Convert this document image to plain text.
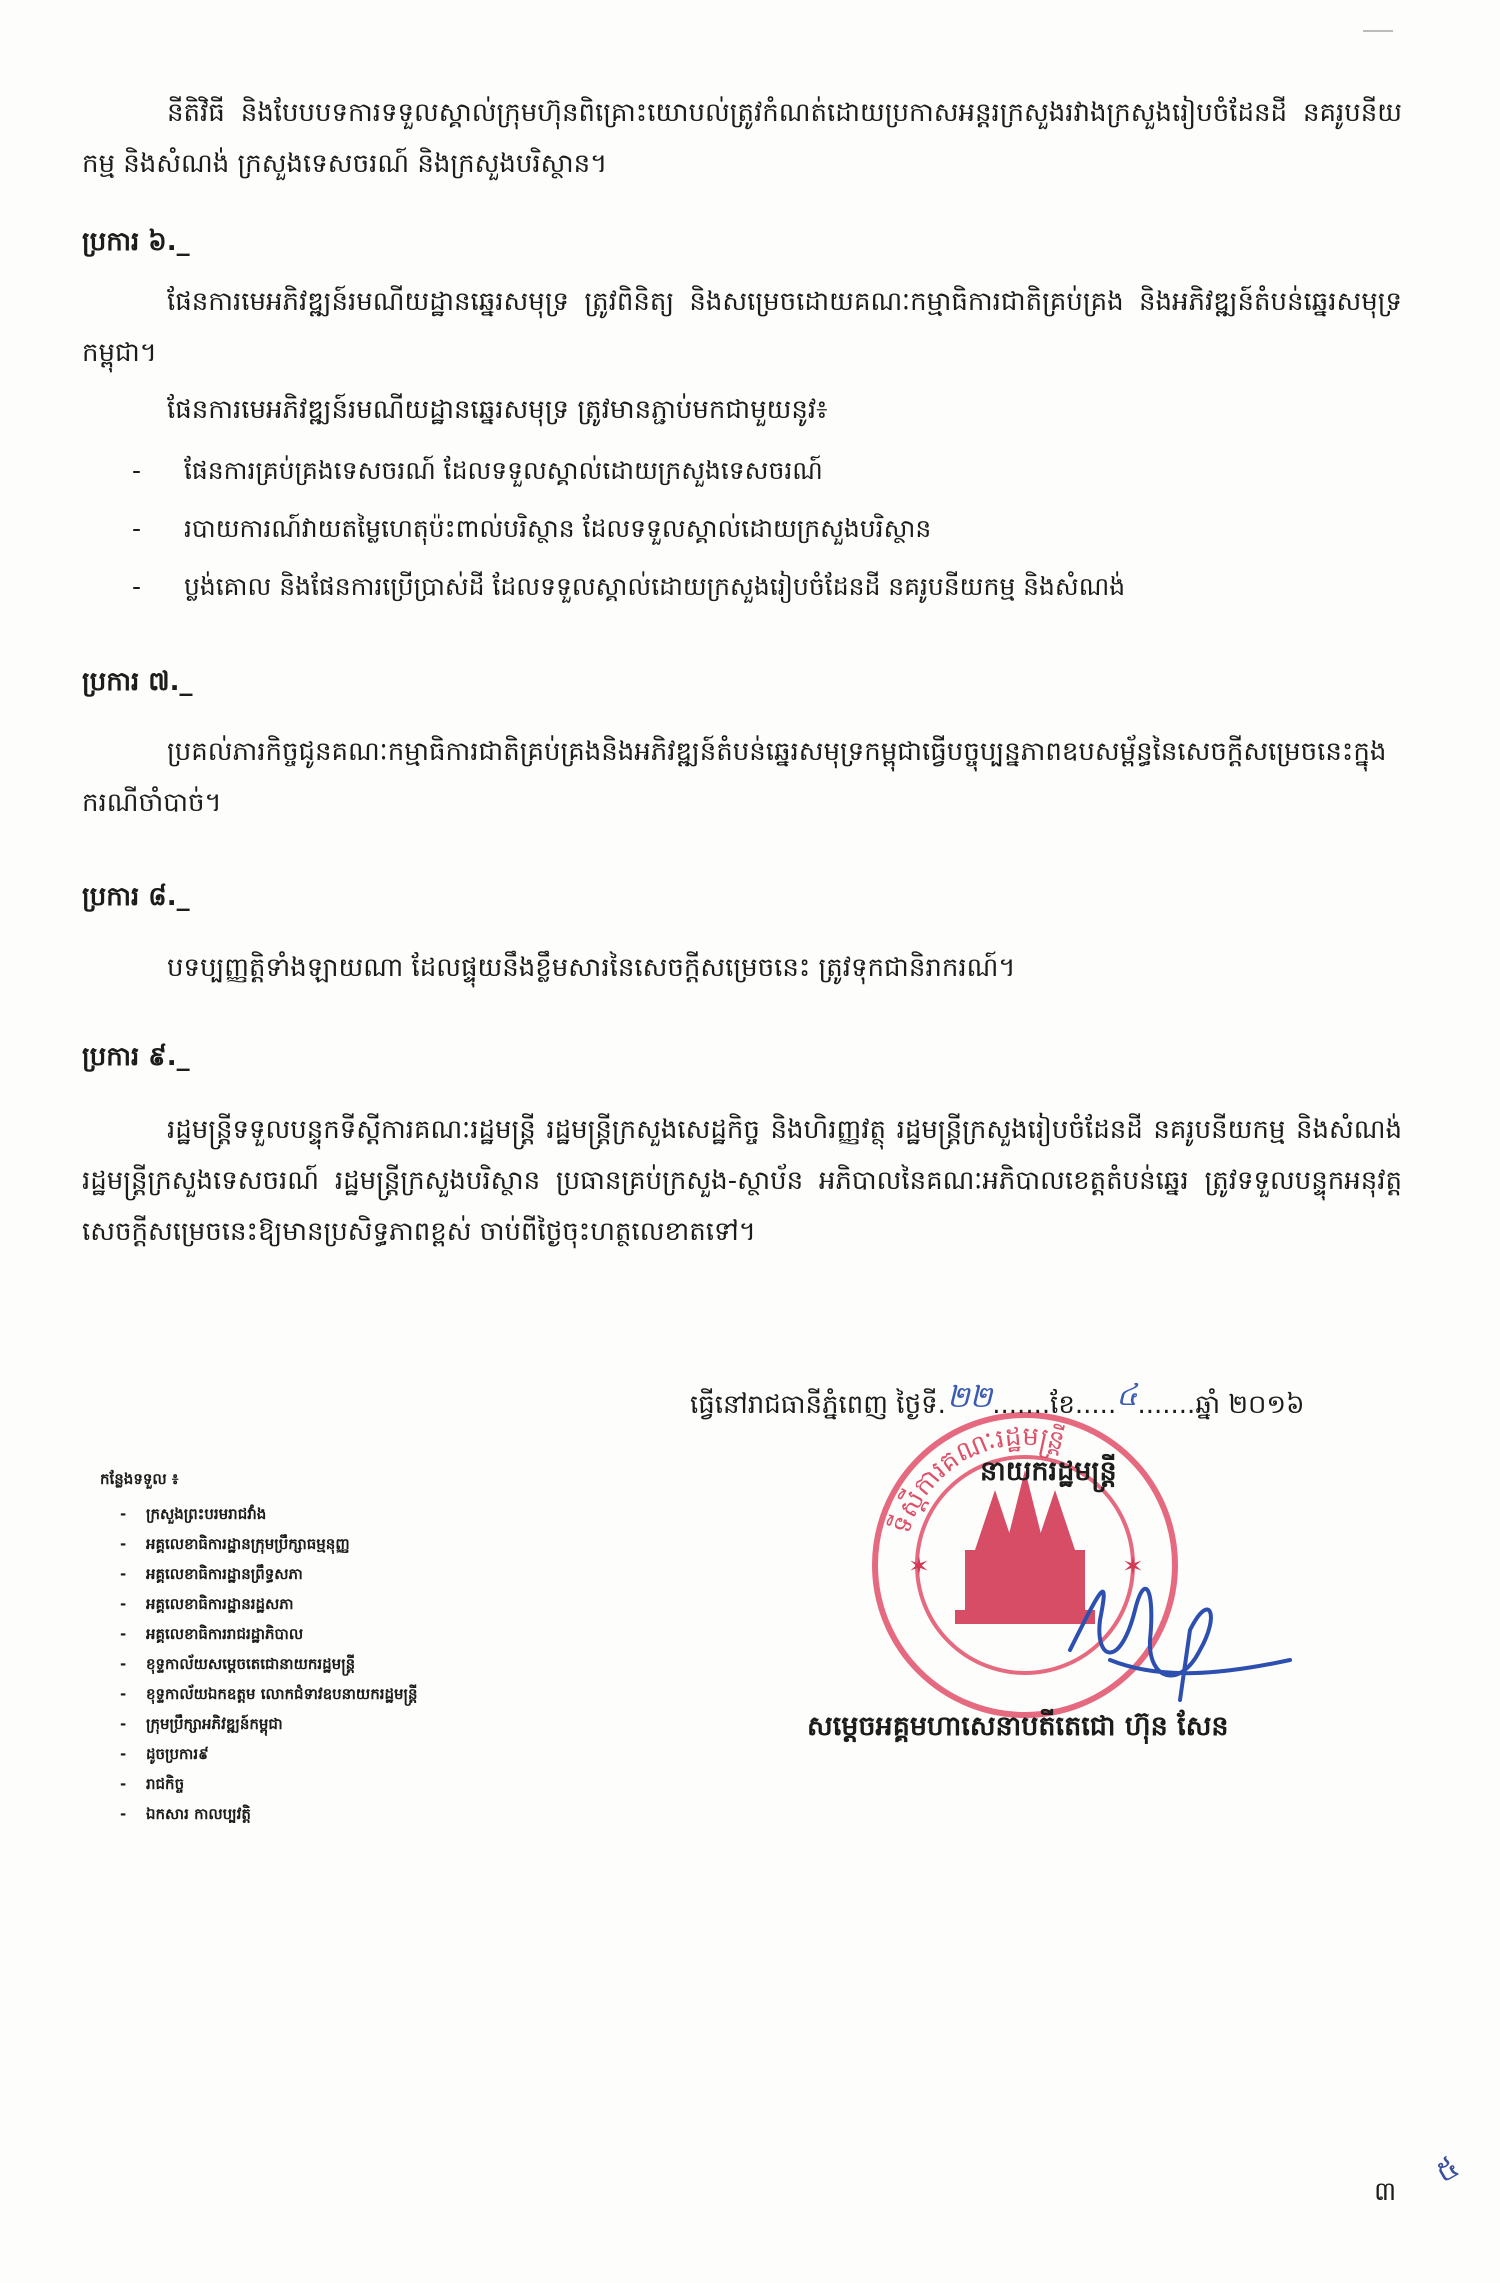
នីតិវិធី និងបែបបទការទទួលស្គាល់ក្រុមហ៊ុនពិគ្រោះយោបល់ត្រូវកំណត់ដោយប្រកាសអន្តរក្រសួងរវាងក្រសួងរៀបចំដែនដី នគរូបនីយកម្ម និងសំណង់ ក្រសួងទេសចរណ៍ និងក្រសួងបរិស្ថាន។

ប្រការ ៦._

ផែនការមេអភិវឌ្ឍន៍រមណីយដ្ឋានឆ្នេរសមុទ្រ ត្រូវពិនិត្យ និងសម្រេចដោយគណៈកម្មាធិការជាតិគ្រប់គ្រង និងអភិវឌ្ឍន៍តំបន់ឆ្នេរសមុទ្រកម្ពុជា។

ផែនការមេអភិវឌ្ឍន៍រមណីយដ្ឋានឆ្នេរសមុទ្រ ត្រូវមានភ្ជាប់មកជាមួយនូវ៖

- ផែនការគ្រប់គ្រងទេសចរណ៍ ដែលទទួលស្គាល់ដោយក្រសួងទេសចរណ៍
- របាយការណ៍វាយតម្លៃហេតុប៉ះពាល់បរិស្ថាន ដែលទទួលស្គាល់ដោយក្រសួងបរិស្ថាន
- ប្លង់គោល និងផែនការប្រើប្រាស់ដី ដែលទទួលស្គាល់ដោយក្រសួងរៀបចំដែនដី នគរូបនីយកម្ម និងសំណង់
ប្រការ ៧._

ប្រគល់ភារកិច្ចជូនគណៈកម្មាធិការជាតិគ្រប់គ្រងនិងអភិវឌ្ឍន៍តំបន់ឆ្នេរសមុទ្រកម្ពុជាធ្វើបច្ចុប្បន្នភាពឧបសម្ព័ន្ធនៃសេចក្តីសម្រេចនេះក្នុងករណីចាំបាច់។

ប្រការ ៨._

បទប្បញ្ញត្តិទាំងឡាយណា ដែលផ្ទុយនឹងខ្លឹមសារនៃសេចក្តីសម្រេចនេះ ត្រូវទុកជានិរាករណ៍។

ប្រការ ៩._

រដ្ឋមន្ត្រីទទួលបន្ទុកទីស្តីការគណៈរដ្ឋមន្ត្រី រដ្ឋមន្ត្រីក្រសួងសេដ្ឋកិច្ច និងហិរញ្ញវត្ថុ រដ្ឋមន្ត្រីក្រសួងរៀបចំដែនដី នគរូបនីយកម្ម និងសំណង់ រដ្ឋមន្ត្រីក្រសួងទេសចរណ៍ រដ្ឋមន្ត្រីក្រសួងបរិស្ថាន ប្រធានគ្រប់ក្រសួង-ស្ថាប័ន អភិបាលនៃគណៈអភិបាលខេត្តតំបន់ឆ្នេរ ត្រូវទទួលបន្ទុកអនុវត្តសេចក្តីសម្រេចនេះឱ្យមានប្រសិទ្ធភាពខ្ពស់ ចាប់ពីថ្ងៃចុះហត្ថលេខាតទៅ។

ទីស្តីការគណៈរដ្ឋមន្ត្រី
✶	✶
ធ្វើនៅរាជធានីភ្នំពេញ ថ្ងៃទី.២២.......ខែ.....៤.......ឆ្នាំ ២០១៦
នាយករដ្ឋមន្ត្រី
សម្តេចអគ្គមហាសេនាបតីតេជោ ហ៊ុន សែន
កន្លែងទទួល ៖
- ក្រសួងព្រះបរមរាជវាំង
- អគ្គលេខាធិការដ្ឋានក្រុមប្រឹក្សាធម្មនុញ្ញ
- អគ្គលេខាធិការដ្ឋានព្រឹទ្ធសភា
- អគ្គលេខាធិការដ្ឋានរដ្ឋសភា
- អគ្គលេខាធិការរាជរដ្ឋាភិបាល
- ខុទ្ទកាល័យសម្តេចតេជោនាយករដ្ឋមន្ត្រី
- ខុទ្ទកាល័យឯកឧត្តម លោកជំទាវឧបនាយករដ្ឋមន្ត្រី
- ក្រុមប្រឹក្សាអភិវឌ្ឍន៍កម្ពុជា
- ដូចប្រការ៩
- រាជកិច្ច
- ឯកសារ កាលប្បវត្តិ
៣
៥
